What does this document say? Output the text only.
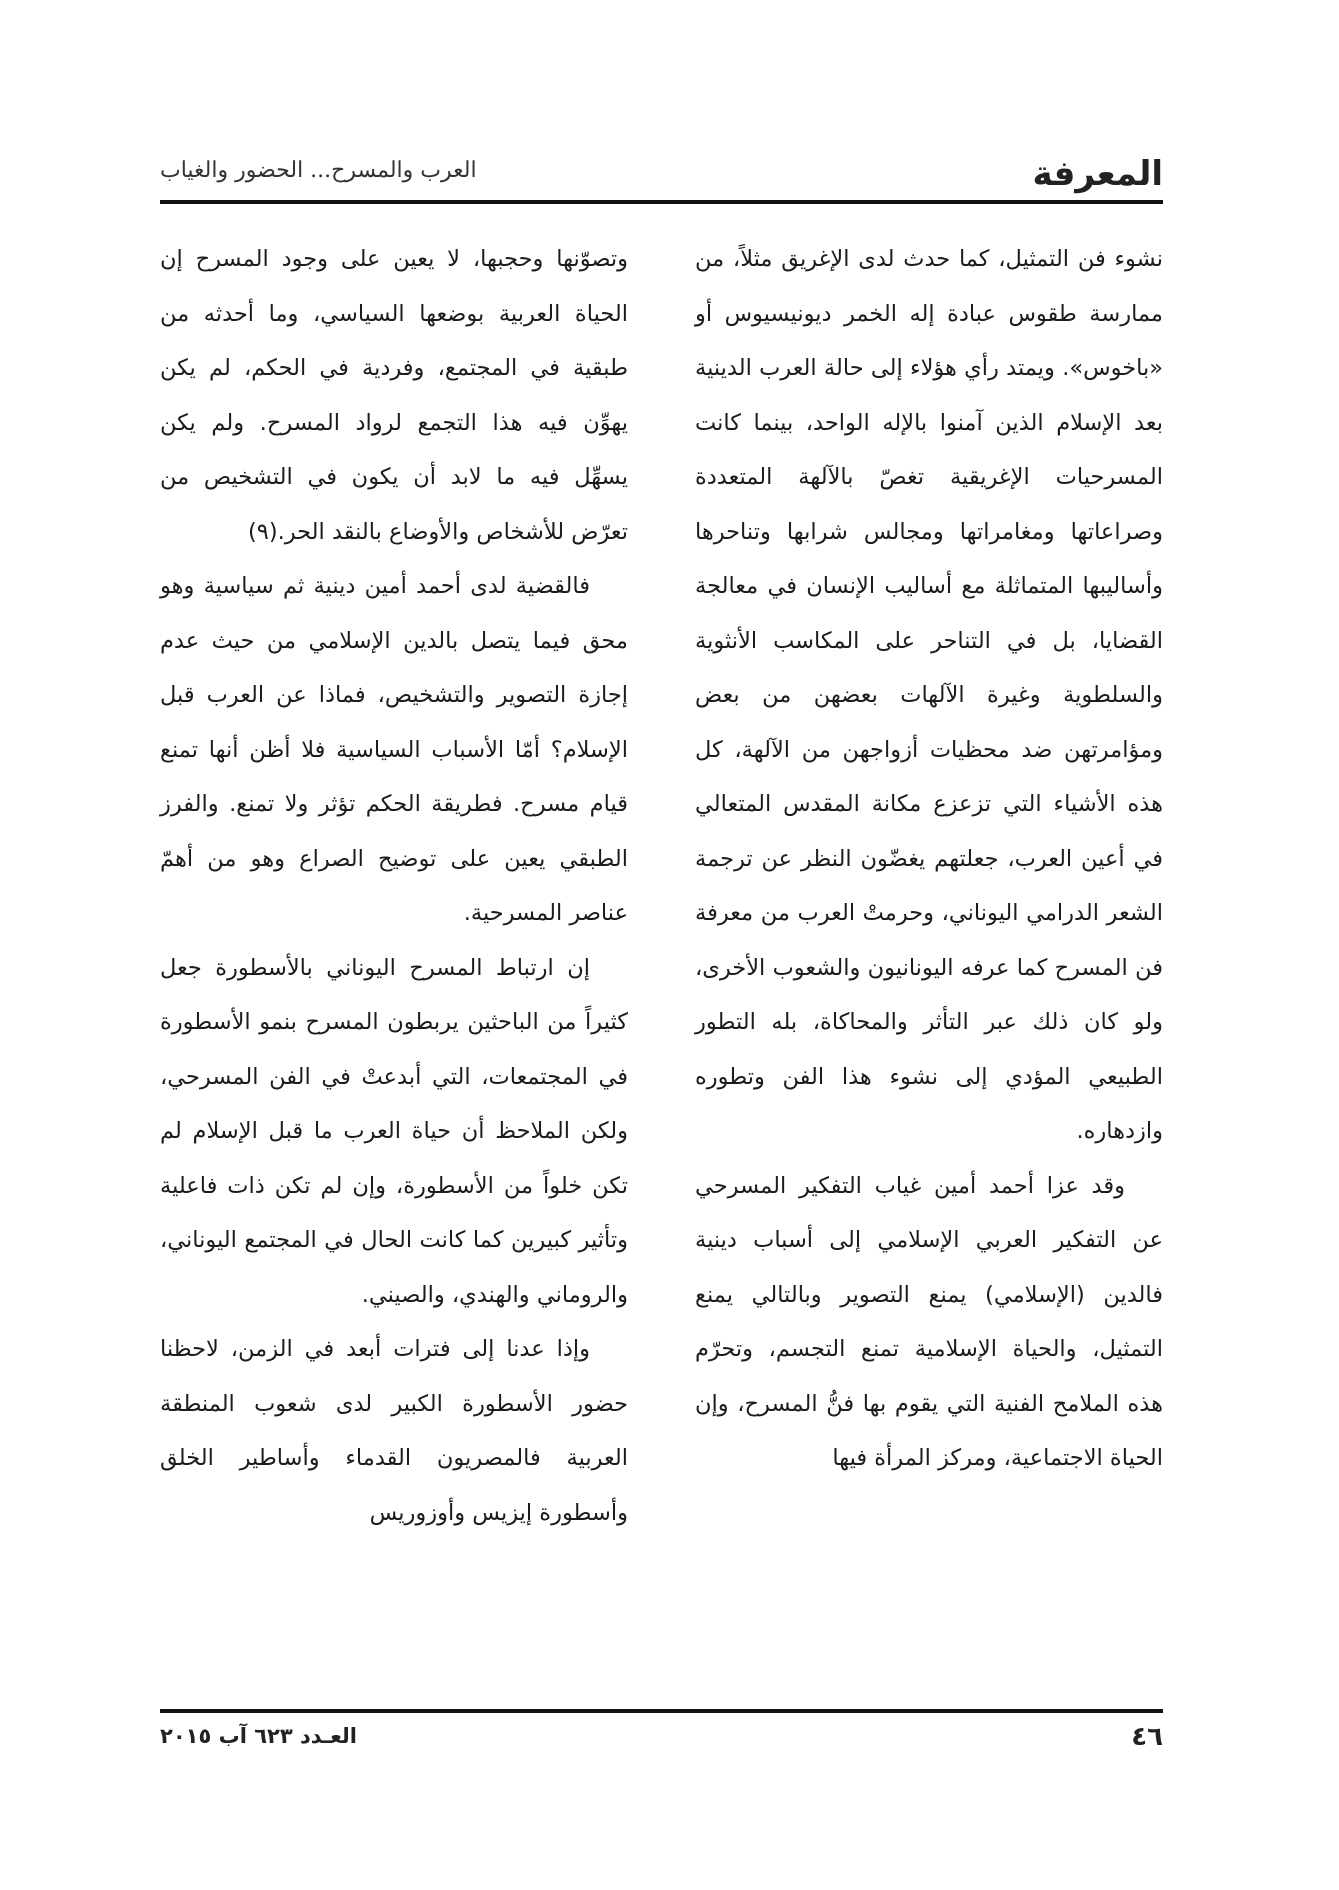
المعرفة
العرب والمسرح... الحضور والغياب

نشوء فن التمثيل، كما حدث لدى الإغريق مثلاً، من ممارسة طقوس عبادة إله الخمر ديونيسيوس أو «باخوس». ويمتد رأي هؤلاء إلى حالة العرب الدينية بعد الإسلام الذين آمنوا بالإله الواحد، بينما كانت المسرحيات الإغريقية تغصّ بالآلهة المتعددة وصراعاتها ومغامراتها ومجالس شرابها وتناحرها وأساليبها المتماثلة مع أساليب الإنسان في معالجة القضايا، بل في التناحر على المكاسب الأنثوية والسلطوية وغيرة الآلهات بعضهن من بعض ومؤامرتهن ضد محظيات أزواجهن من الآلهة، كل هذه الأشياء التي تزعزع مكانة المقدس المتعالي في أعين العرب، جعلتهم يغضّون النظر عن ترجمة الشعر الدرامي اليوناني، وحرمتْ العرب من معرفة فن المسرح كما عرفه اليونانيون والشعوب الأخرى، ولو كان ذلك عبر التأثر والمحاكاة، بله التطور الطبيعي المؤدي إلى نشوء هذا الفن وتطوره وازدهاره.

وقد عزا أحمد أمين غياب التفكير المسرحي عن التفكير العربي الإسلامي إلى أسباب دينية فالدين (الإسلامي) يمنع التصوير وبالتالي يمنع التمثيل، والحياة الإسلامية تمنع التجسم، وتحرّم هذه الملامح الفنية التي يقوم بها فنُّ المسرح، وإن الحياة الاجتماعية، ومركز المرأة فيها

وتصوّنها وحجبها، لا يعين على وجود المسرح إن الحياة العربية بوضعها السياسي، وما أحدثه من طبقية في المجتمع، وفردية في الحكم، لم يكن يهوِّن فيه هذا التجمع لرواد المسرح. ولم يكن يسهِّل فيه ما لابد أن يكون في التشخيص من تعرّض للأشخاص والأوضاع بالنقد الحر.(٩)

فالقضية لدى أحمد أمين دينية ثم سياسية وهو محق فيما يتصل بالدين الإسلامي من حيث عدم إجازة التصوير والتشخيص، فماذا عن العرب قبل الإسلام؟ أمّا الأسباب السياسية فلا أظن أنها تمنع قيام مسرح. فطريقة الحكم تؤثر ولا تمنع. والفرز الطبقي يعين على توضيح الصراع وهو من أهمّ عناصر المسرحية.

إن ارتباط المسرح اليوناني بالأسطورة جعل كثيراً من الباحثين يربطون المسرح بنمو الأسطورة في المجتمعات، التي أبدعتْ في الفن المسرحي، ولكن الملاحظ أن حياة العرب ما قبل الإسلام لم تكن خلواً من الأسطورة، وإن لم تكن ذات فاعلية وتأثير كبيرين كما كانت الحال في المجتمع اليوناني، والروماني والهندي، والصيني.

وإذا عدنا إلى فترات أبعد في الزمن، لاحظنا حضور الأسطورة الكبير لدى شعوب المنطقة العربية فالمصريون القدماء وأساطير الخلق وأسطورة إيزيس وأوزوريس

٤٦
العـدد ٦٢٣ آب ٢٠١٥
